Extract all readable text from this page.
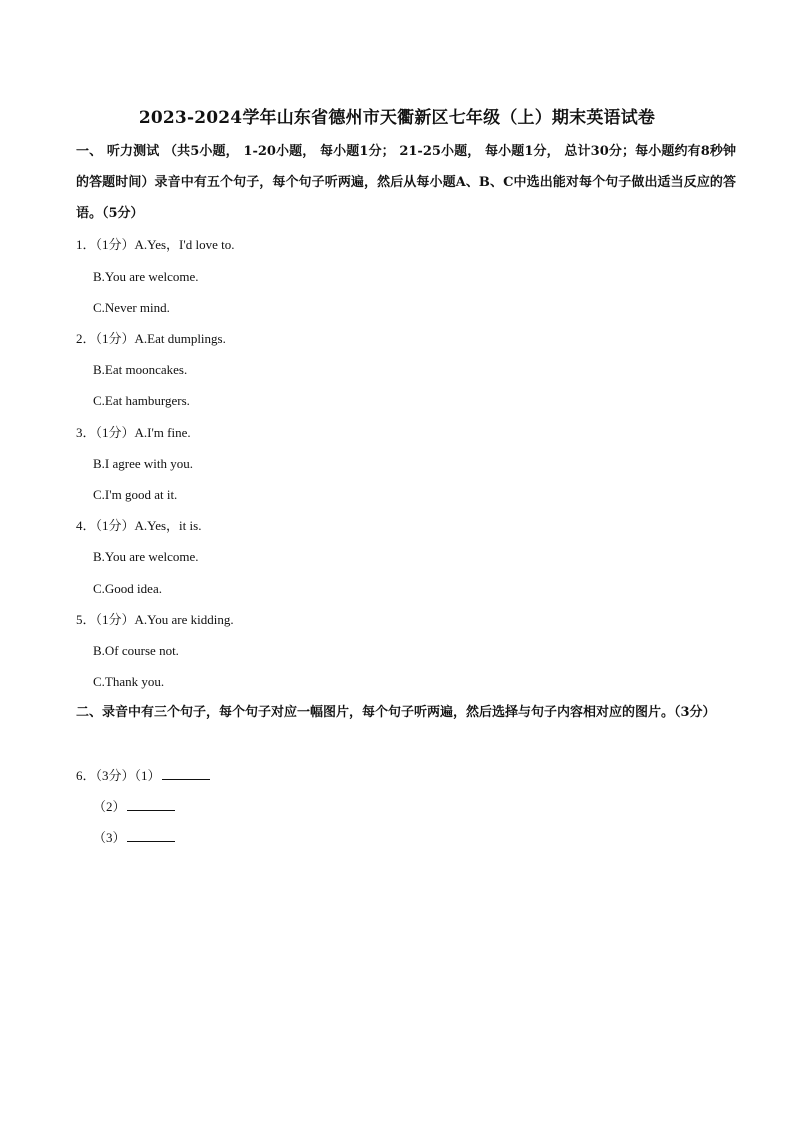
2023-2024学年山东省德州市天衢新区七年级（上）期末英语试卷
一、 听力测试 （共5小题， 1-20小题， 每小题1分； 21-25小题， 每小题1分， 总计30分；每小题约有8秒钟的答题时间）录音中有五个句子，每个句子听两遍，然后从每小题A、B、C中选出能对每个句子做出适当反应的答语。（5分）
1．（1分）A.Yes，I'd love to.
B.You are welcome.
C.Never mind.
2．（1分）A.Eat dumplings.
B.Eat mooncakes.
C.Eat hamburgers.
3．（1分）A.I'm fine.
B.I agree with you.
C.I'm good at it.
4．（1分）A.Yes，it is.
B.You are welcome.
C.Good idea.
5．（1分）A.You are kidding.
B.Of course not.
C.Thank you.
二、录音中有三个句子，每个句子对应一幅图片，每个句子听两遍，然后选择与句子内容相对应的图片。（3分）
6．（3分）（1）
（2）
（3）
